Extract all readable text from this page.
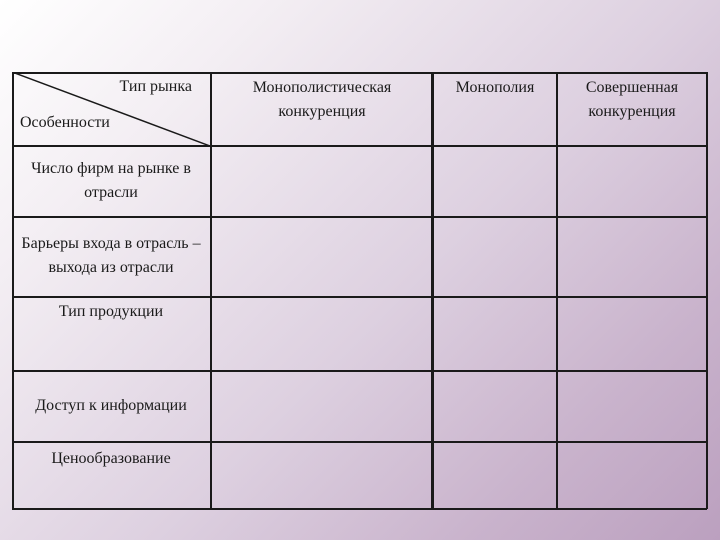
Тип рынка
Особенности
Монополистическая конкуренция
Монополия	Совершенная конкуренция
Число фирм на рынке в отрасли
Барьеры входа в отрасль – выхода из отрасли
Тип продукции
Доступ к информации
Ценообразование
